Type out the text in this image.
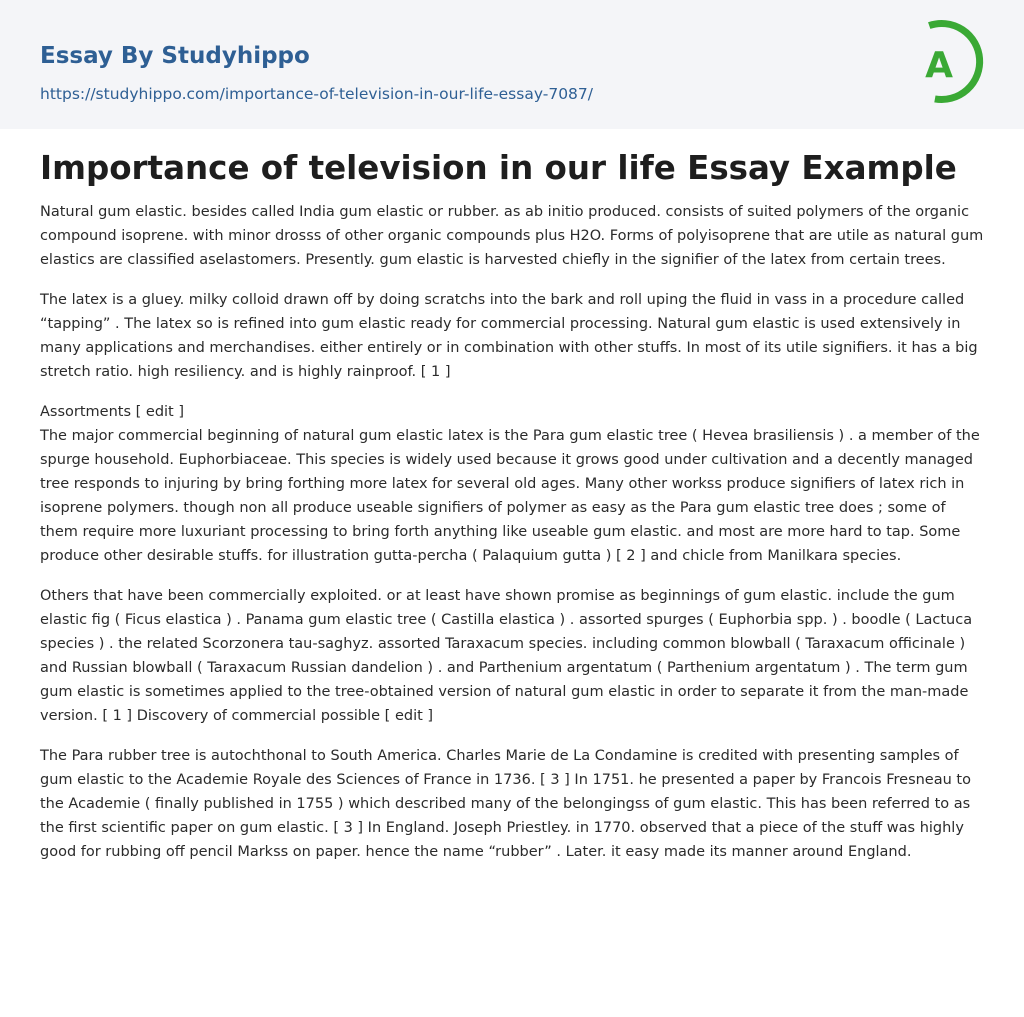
Essay By Studyhippo
https://studyhippo.com/importance-of-television-in-our-life-essay-7087/
A
Importance of television in our life Essay Example

Natural gum elastic. besides called India gum elastic or rubber. as ab initio produced. consists of suited polymers of the organic compound isoprene. with minor drosss of other organic compounds plus H2O. Forms of polyisoprene that are utile as natural gum elastics are classified aselastomers. Presently. gum elastic is harvested chiefly in the signifier of the latex from certain trees.

The latex is a gluey. milky colloid drawn off by doing scratchs into the bark and roll uping the fluid in vass in a procedure called “tapping” . The latex so is refined into gum elastic ready for commercial processing. Natural gum elastic is used extensively in many applications and merchandises. either entirely or in combination with other stuffs. In most of its utile signifiers. it has a big stretch ratio. high resiliency. and is highly rainproof. [ 1 ]

Assortments [ edit ]
The major commercial beginning of natural gum elastic latex is the Para gum elastic tree ( Hevea brasiliensis ) . a member of the spurge household. Euphorbiaceae. This species is widely used because it grows good under cultivation and a decently managed tree responds to injuring by bring forthing more latex for several old ages. Many other workss produce signifiers of latex rich in isoprene polymers. though non all produce useable signifiers of polymer as easy as the Para gum elastic tree does ; some of them require more luxuriant processing to bring forth anything like useable gum elastic. and most are more hard to tap. Some produce other desirable stuffs. for illustration gutta-percha ( Palaquium gutta ) [ 2 ] and chicle from Manilkara species.

Others that have been commercially exploited. or at least have shown promise as beginnings of gum elastic. include the gum elastic fig ( Ficus elastica ) . Panama gum elastic tree ( Castilla elastica ) . assorted spurges ( Euphorbia spp. ) . boodle ( Lactuca species ) . the related Scorzonera tau-saghyz. assorted Taraxacum species. including common blowball ( Taraxacum officinale ) and Russian blowball ( Taraxacum Russian dandelion ) . and Parthenium argentatum ( Parthenium argentatum ) . The term gum gum elastic is sometimes applied to the tree-obtained version of natural gum elastic in order to separate it from the man-made version. [ 1 ] Discovery of commercial possible [ edit ]

The Para rubber tree is autochthonal to South America. Charles Marie de La Condamine is credited with presenting samples of gum elastic to the Academie Royale des Sciences of France in 1736. [ 3 ] In 1751. he presented a paper by Francois Fresneau to the Academie ( finally published in 1755 ) which described many of the belongingss of gum elastic. This has been referred to as the first scientific paper on gum elastic. [ 3 ] In England. Joseph Priestley. in 1770. observed that a piece of the stuff was highly good for rubbing off pencil Markss on paper. hence the name “rubber” . Later. it easy made its manner around England.
